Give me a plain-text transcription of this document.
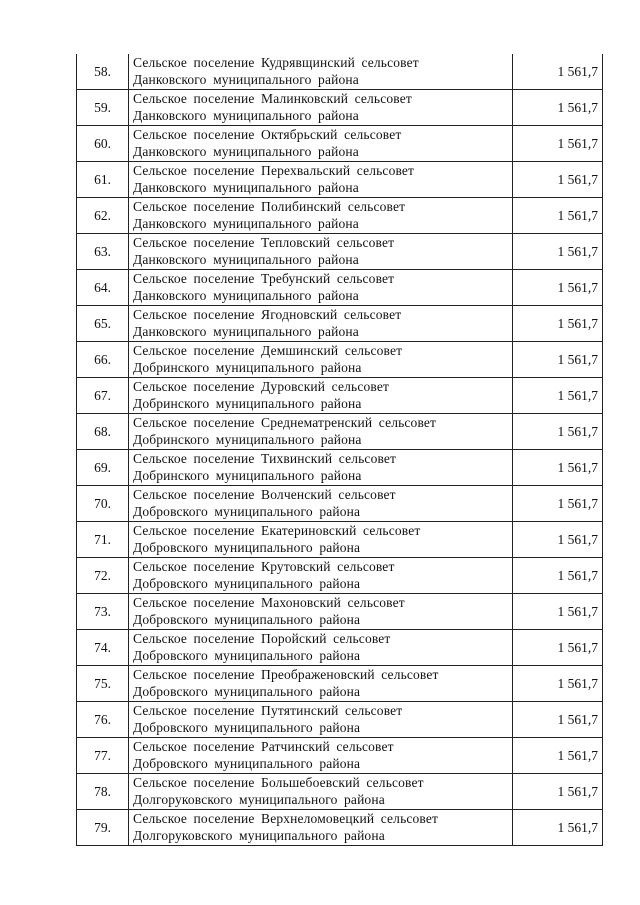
58.	Сельское поселение Кудрявщинский сельсовет
Данковского муниципального района	1 561,7
59.	Сельское поселение Малинковский сельсовет
Данковского муниципального района	1 561,7
60.	Сельское поселение Октябрьский сельсовет
Данковского муниципального района	1 561,7
61.	Сельское поселение Перехвальский сельсовет
Данковского муниципального района	1 561,7
62.	Сельское поселение Полибинский сельсовет
Данковского муниципального района	1 561,7
63.	Сельское поселение Тепловский сельсовет
Данковского муниципального района	1 561,7
64.	Сельское поселение Требунский сельсовет
Данковского муниципального района	1 561,7
65.	Сельское поселение Ягодновский сельсовет
Данковского муниципального района	1 561,7
66.	Сельское поселение Демшинский сельсовет
Добринского муниципального района	1 561,7
67.	Сельское поселение Дуровский сельсовет
Добринского муниципального района	1 561,7
68.	Сельское поселение Среднематренский сельсовет
Добринского муниципального района	1 561,7
69.	Сельское поселение Тихвинский сельсовет
Добринского муниципального района	1 561,7
70.	Сельское поселение Волченский сельсовет
Добровского муниципального района	1 561,7
71.	Сельское поселение Екатериновский сельсовет
Добровского муниципального района	1 561,7
72.	Сельское поселение Крутовский сельсовет
Добровского муниципального района	1 561,7
73.	Сельское поселение Махоновский сельсовет
Добровского муниципального района	1 561,7
74.	Сельское поселение Поройский сельсовет
Добровского муниципального района	1 561,7
75.	Сельское поселение Преображеновский сельсовет
Добровского муниципального района	1 561,7
76.	Сельское поселение Путятинский сельсовет
Добровского муниципального района	1 561,7
77.	Сельское поселение Ратчинский сельсовет
Добровского муниципального района	1 561,7
78.	Сельское поселение Большебоевский сельсовет
Долгоруковского муниципального района	1 561,7
79.	Сельское поселение Верхнеломовецкий сельсовет
Долгоруковского муниципального района	1 561,7
